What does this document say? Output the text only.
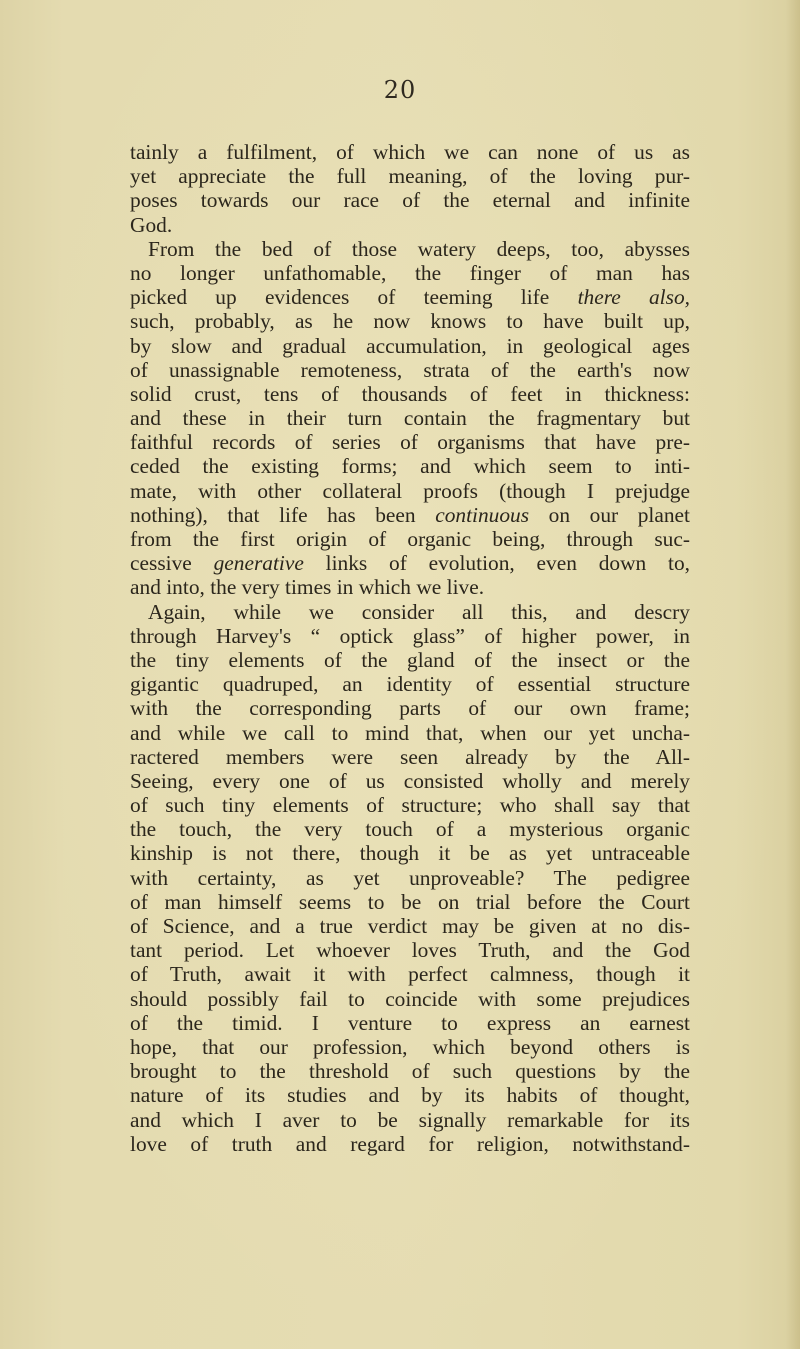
20
tainly a fulfilment, of which we can none of us as
yet appreciate the full meaning, of the loving pur-
poses towards our race of the eternal and infinite
God.
From the bed of those watery deeps, too, abysses
no longer unfathomable, the finger of man has
picked up evidences of teeming life there also,
such, probably, as he now knows to have built up,
by slow and gradual accumulation, in geological ages
of unassignable remoteness, strata of the earth's now
solid crust, tens of thousands of feet in thickness:
and these in their turn contain the fragmentary but
faithful records of series of organisms that have pre-
ceded the existing forms; and which seem to inti-
mate, with other collateral proofs (though I prejudge
nothing), that life has been continuous on our planet
from the first origin of organic being, through suc-
cessive generative links of evolution, even down to,
and into, the very times in which we live.
Again, while we consider all this, and descry
through Harvey's “ optick glass” of higher power, in
the tiny elements of the gland of the insect or the
gigantic quadruped, an identity of essential structure
with the corresponding parts of our own frame;
and while we call to mind that, when our yet uncha-
ractered members were seen already by the All-
Seeing, every one of us consisted wholly and merely
of such tiny elements of structure; who shall say that
the touch, the very touch of a mysterious organic
kinship is not there, though it be as yet untraceable
with certainty, as yet unproveable? The pedigree
of man himself seems to be on trial before the Court
of Science, and a true verdict may be given at no dis-
tant period. Let whoever loves Truth, and the God
of Truth, await it with perfect calmness, though it
should possibly fail to coincide with some prejudices
of the timid. I venture to express an earnest
hope, that our profession, which beyond others is
brought to the threshold of such questions by the
nature of its studies and by its habits of thought,
and which I aver to be signally remarkable for its
love of truth and regard for religion, notwithstand-
